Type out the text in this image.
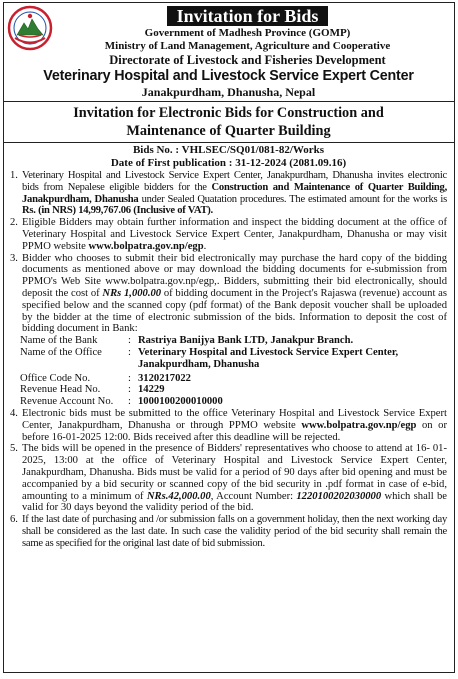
Invitation for Bids
Government of Madhesh Province (GOMP)
Ministry of Land Management, Agriculture and Cooperative
Directorate of Livestock and Fisheries Development
Veterinary Hospital and Livestock Service Expert Center
Janakpurdham, Dhanusha, Nepal
Invitation for Electronic Bids for Construction and
Maintenance of Quarter Building
Bids No. : VHLSEC/SQ01/081-82/Works
Date of First publication : 31-12-2024 (2081.09.16)
1. Veterinary Hospital and Livestock Service Expert Center, Janakpurdham, Dhanusha invites electronic bids from Nepalese eligible bidders for the Construction and Maintenance of Quarter Building, Janakpurdham, Dhanusha under Sealed Quatation procedures. The estimated amount for the works is Rs. (in NRS) 14,99,767.06 (Inclusive of VAT).
2. Eligible Bidders may obtain further information and inspect the bidding document at the office of Veterinary Hospital and Livestock Service Expert Center, Janakpurdham, Dhanusha or may visit PPMO website www.bolpatra.gov.np/egp.
3. Bidder who chooses to submit their bid electronically may purchase the hard copy of the bidding documents as mentioned above or may download the bidding documents for e-submission from PPMO's Web Site www.bolpatra.gov.np/egp,. Bidders, submitting their bid electronically, should deposit the cost of NRs 1,000.00 of bidding document in the Project's Rajaswa (revenue) account as specified below and the scanned copy (pdf format) of the Bank deposit voucher shall be uploaded by the bidder at the time of electronic submission of the bids. Information to deposit the cost of bidding document in Bank:
Name of the Bank	: Rastriya Banijya Bank LTD, Janakpur Branch.
Name of the Office	: Veterinary Hospital and Livestock Service Expert Center,
Janakpurdham, Dhanusha
Office Code No.	: 3120217022
Revenue Head No.	: 14229
Revenue Account No.	: 1000100200010000
4. Electronic bids must be submitted to the office Veterinary Hospital and Livestock Service Expert Center, Janakpurdham, Dhanusha or through PPMO website www.bolpatra.gov.np/egp on or before 16-01-2025 12:00. Bids received after this deadline will be rejected.
5. The bids will be opened in the presence of Bidders' representatives who choose to attend at 16- 01-2025, 13:00 at the office of Veterinary Hospital and Livestock Service Expert Center, Janakpurdham, Dhanusha. Bids must be valid for a period of 90 days after bid opening and must be accompanied by a bid security or scanned copy of the bid security in .pdf format in case of e-bid, amounting to a minimum of NRs.42,000.00, Account Number: 1220100202030000 which shall be valid for 30 days beyond the validity period of the bid.
6. If the last date of purchasing and /or submission falls on a government holiday, then the next working day shall be considered as the last date. In such case the validity period of the bid security shall remain the same as specified for the original last date of bid submission.
